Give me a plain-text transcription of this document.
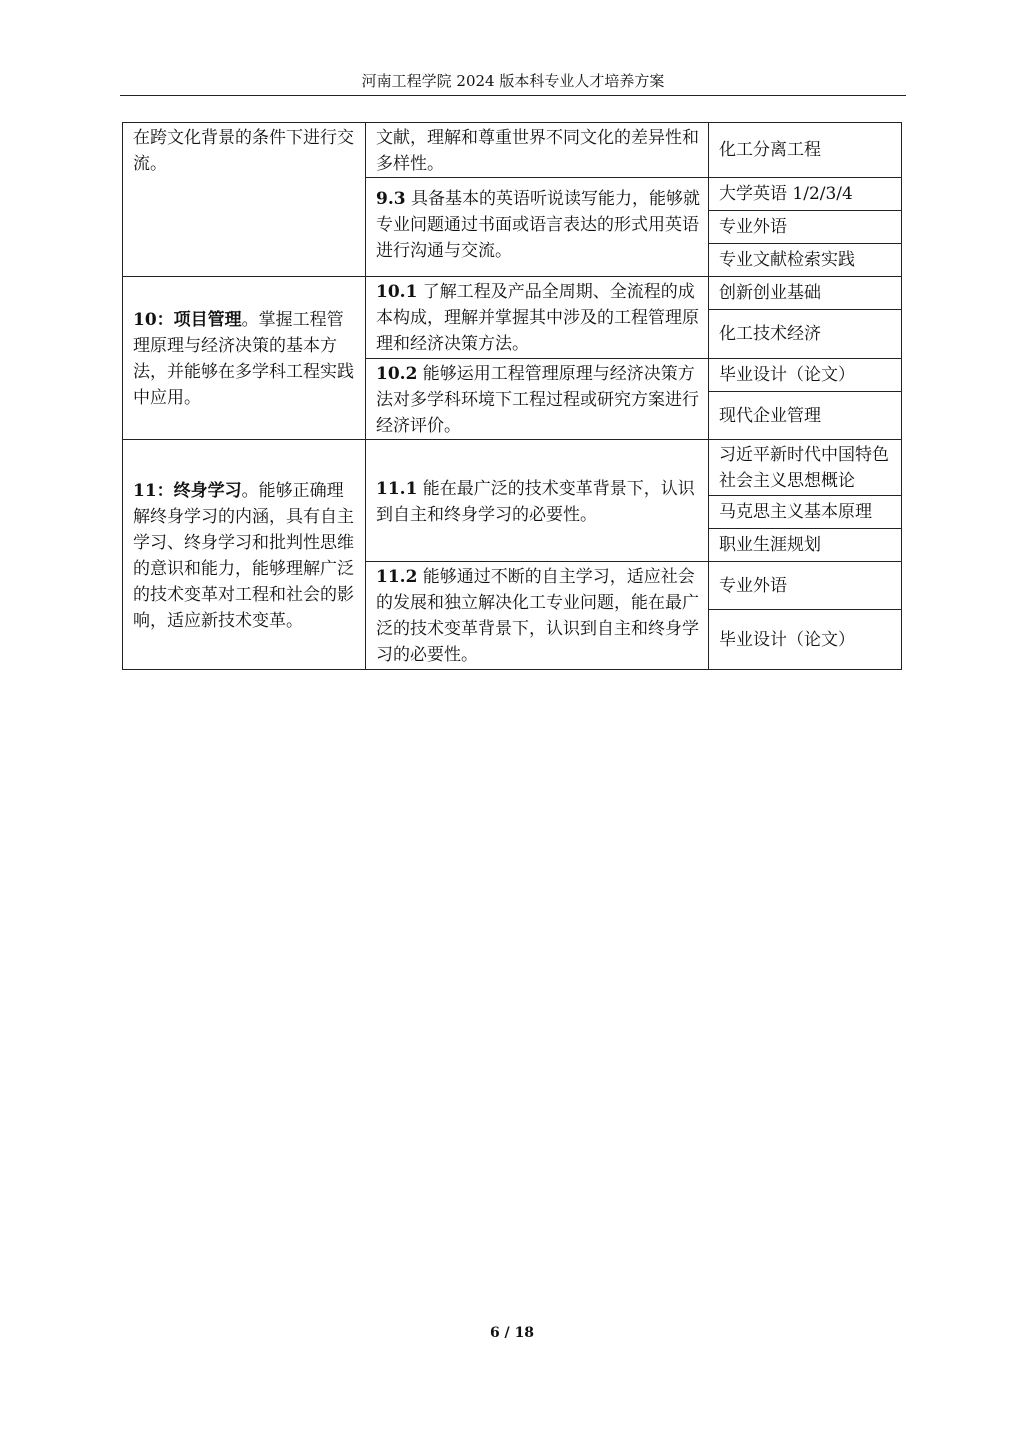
河南工程学院 2024 版本科专业人才培养方案
在跨文化背景的条件下进行交流。
文献，理解和尊重世界不同文化的差异性和多样性。
化工分离工程
9.3 具备基本的英语听说读写能力，能够就专业问题通过书面或语言表达的形式用英语进行沟通与交流。
大学英语 1/2/3/4
专业外语
专业文献检索实践
10：项目管理。掌握工程管理原理与经济决策的基本方法，并能够在多学科工程实践中应用。
10.1 了解工程及产品全周期、全流程的成本构成，理解并掌握其中涉及的工程管理原理和经济决策方法。
创新创业基础
化工技术经济
10.2 能够运用工程管理原理与经济决策方法对多学科环境下工程过程或研究方案进行经济评价。
毕业设计（论文）
现代企业管理
11：终身学习。能够正确理解终身学习的内涵，具有自主学习、终身学习和批判性思维的意识和能力，能够理解广泛的技术变革对工程和社会的影响，适应新技术变革。
11.1 能在最广泛的技术变革背景下，认识到自主和终身学习的必要性。
习近平新时代中国特色社会主义思想概论
马克思主义基本原理
职业生涯规划
11.2 能够通过不断的自主学习，适应社会的发展和独立解决化工专业问题，能在最广泛的技术变革背景下，认识到自主和终身学习的必要性。
专业外语
毕业设计（论文）
6 / 18
